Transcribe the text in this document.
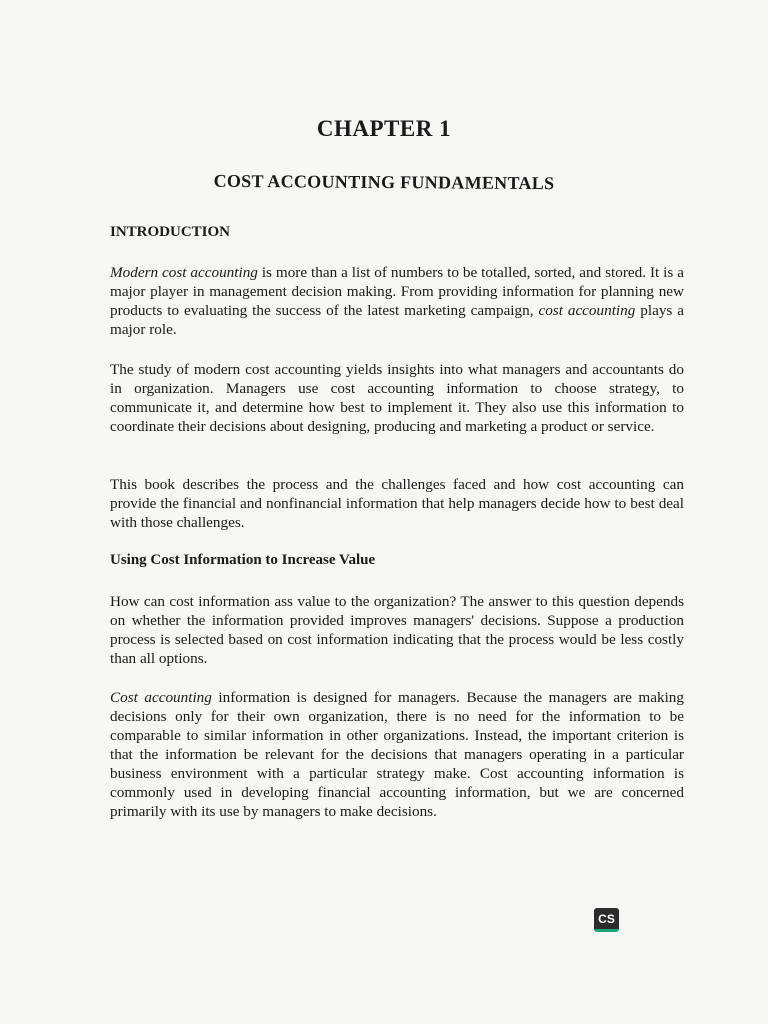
CHAPTER 1
COST ACCOUNTING FUNDAMENTALS
INTRODUCTION
Modern cost accounting is more than a list of numbers to be totalled, sorted, and stored. It is a major player in management decision making. From providing information for planning new products to evaluating the success of the latest marketing campaign, cost accounting plays a major role.
The study of modern cost accounting yields insights into what managers and accountants do in organization. Managers use cost accounting information to choose strategy, to communicate it, and determine how best to implement it. They also use this information to coordinate their decisions about designing, producing and marketing a product or service.
This book describes the process and the challenges faced and how cost accounting can provide the financial and nonfinancial information that help managers decide how to best deal with those challenges.
Using Cost Information to Increase Value
How can cost information ass value to the organization? The answer to this question depends on whether the information provided improves managers' decisions. Suppose a production process is selected based on cost information indicating that the process would be less costly than all options.
Cost accounting information is designed for managers. Because the managers are making decisions only for their own organization, there is no need for the information to be comparable to similar information in other organizations. Instead, the important criterion is that the information be relevant for the decisions that managers operating in a particular business environment with a particular strategy make. Cost accounting information is commonly used in developing financial accounting information, but we are concerned primarily with its use by managers to make decisions.
CS
